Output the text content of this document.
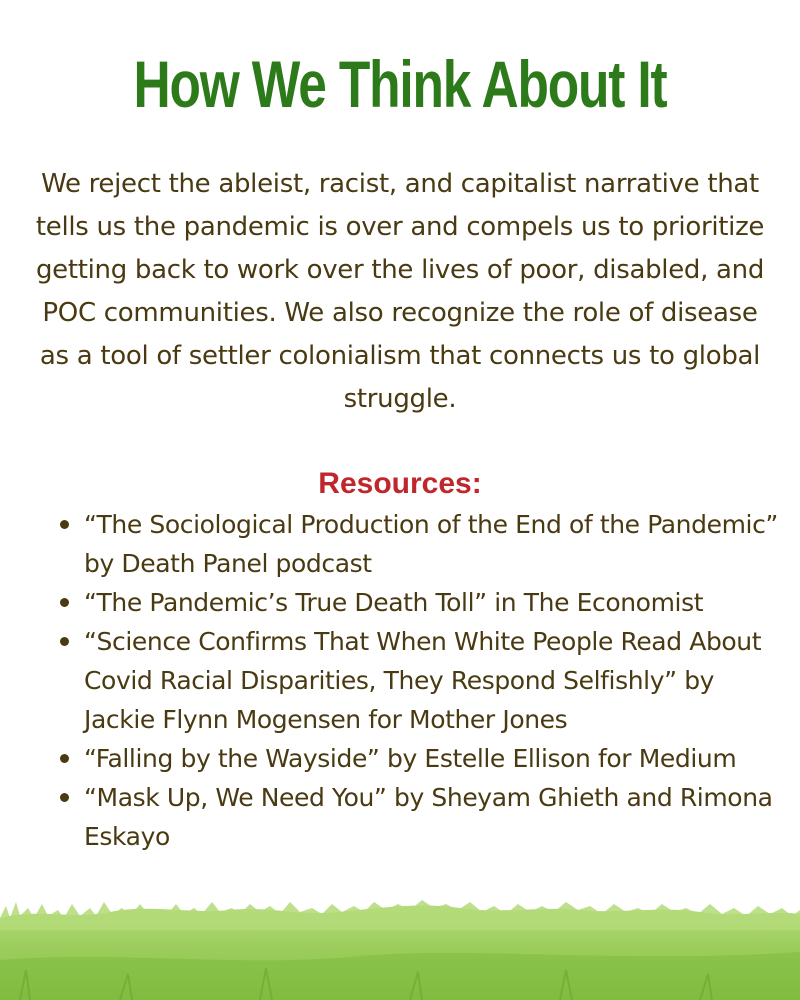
How We Think About It

We reject the ableist, racist, and capitalist narrative that tells us the pandemic is over and compels us to prioritize getting back to work over the lives of poor, disabled, and POC communities. We also recognize the role of disease as a tool of settler colonialism that connects us to global struggle.

Resources:
“The Sociological Production of the End of the Pandemic” by Death Panel podcast
“The Pandemic’s True Death Toll” in The Economist
“Science Confirms That When White People Read About Covid Racial Disparities, They Respond Selfishly” by Jackie Flynn Mogensen for Mother Jones
“Falling by the Wayside” by Estelle Ellison for Medium
“Mask Up, We Need You” by Sheyam Ghieth and Rimona Eskayo
